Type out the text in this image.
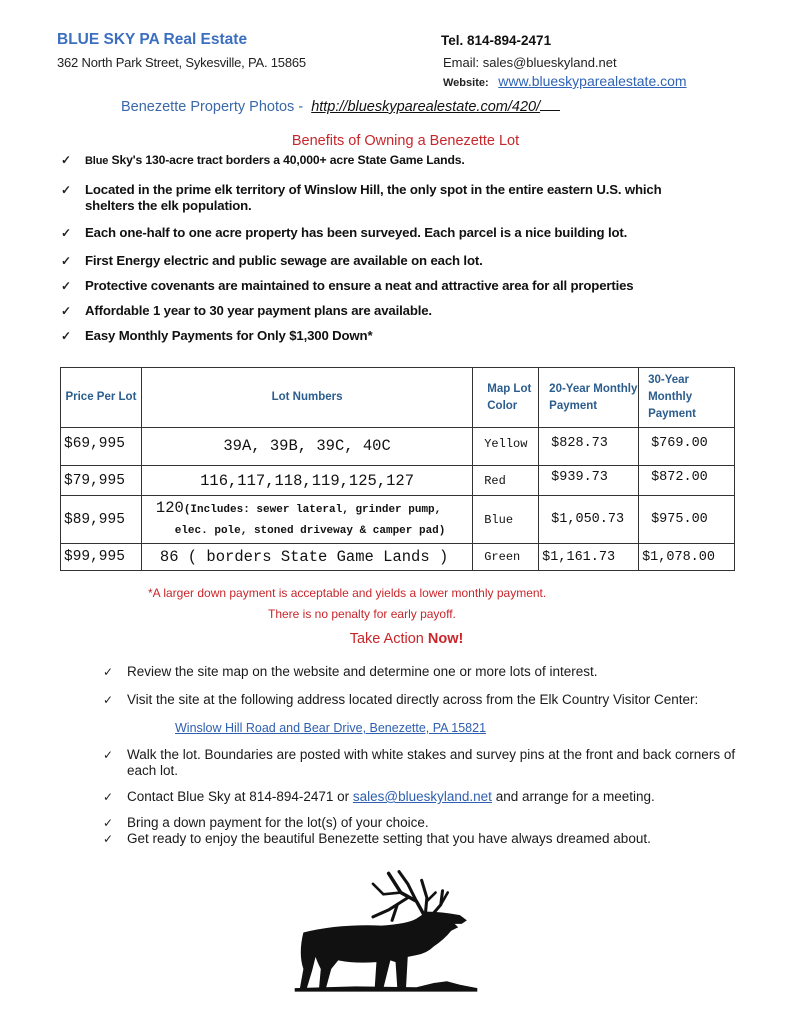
BLUE SKY PA Real Estate
362 North Park Street, Sykesville, PA. 15865
Tel. 814-894-2471
Email: sales@blueskyland.net
Website: www.blueskyparealestate.com
Benezette Property Photos - http://blueskyparealestate.com/420/
Benefits of Owning a Benezette Lot
✓ Blue Sky's 130-acre tract borders a 40,000+ acre State Game Lands.
✓ Located in the prime elk territory of Winslow Hill, the only spot in the entire eastern U.S. which shelters the elk population.
✓ Each one-half to one acre property has been surveyed. Each parcel is a nice building lot.
✓ First Energy electric and public sewage are available on each lot.
✓ Protective covenants are maintained to ensure a neat and attractive area for all properties
✓ Affordable 1 year to 30 year payment plans are available.
✓ Easy Monthly Payments for Only $1,300 Down*
Price Per Lot	Lot Numbers	Map Lot Color	20-Year Monthly Payment	30-Year Monthly Payment
$69,995	39A, 39B, 39C, 40C	Yellow	$828.73	$769.00
$79,995	116,117,118,119,125,127	Red	$939.73	$872.00
$89,995	120(Includes: sewer lateral, grinder pump,
elec. pole, stoned driveway & camper pad)	Blue	$1,050.73	$975.00
$99,995	86 ( borders State Game Lands )	Green	$1,161.73	$1,078.00
*A larger down payment is acceptable and yields a lower monthly payment.
There is no penalty for early payoff.
Take Action Now!
✓ Review the site map on the website and determine one or more lots of interest.
✓ Visit the site at the following address located directly across from the Elk Country Visitor Center:
Winslow Hill Road and Bear Drive, Benezette, PA 15821
✓ Walk the lot. Boundaries are posted with white stakes and survey pins at the front and back corners of each lot.
✓ Contact Blue Sky at 814-894-2471 or sales@blueskyland.net and arrange for a meeting.
✓ Bring a down payment for the lot(s) of your choice.
✓ Get ready to enjoy the beautiful Benezette setting that you have always dreamed about.
